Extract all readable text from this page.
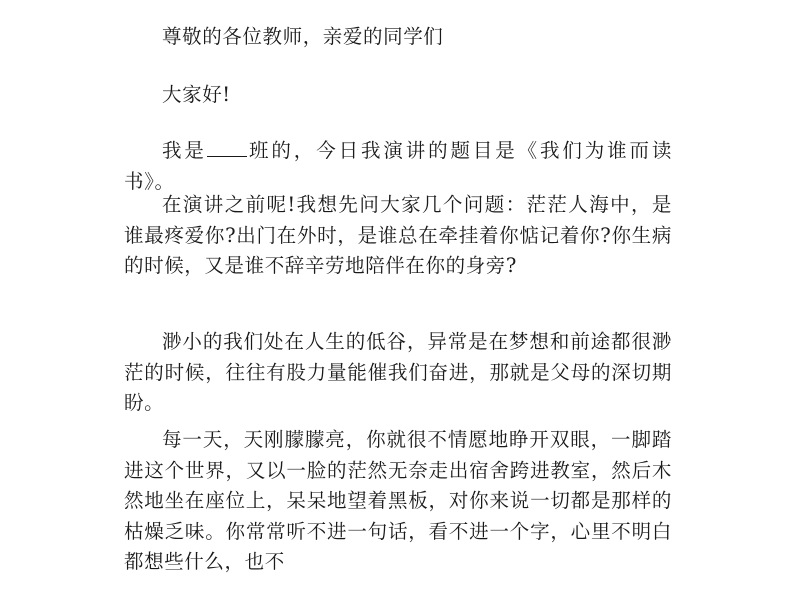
尊敬的各位教师，亲爱的同学们

大家好!

我是 班的，今日我演讲的题目是《我们为谁而读书》。

在演讲之前呢!我想先问大家几个问题：茫茫人海中，是谁最疼爱你?出门在外时，是谁总在牵挂着你惦记着你?你生病的时候，又是谁不辞辛劳地陪伴在你的身旁?

渺小的我们处在人生的低谷，异常是在梦想和前途都很渺茫的时候，往往有股力量能催我们奋进，那就是父母的深切期盼。

每一天，天刚朦朦亮，你就很不情愿地睁开双眼，一脚踏进这个世界，又以一脸的茫然无奈走出宿舍跨进教室，然后木然地坐在座位上，呆呆地望着黑板，对你来说一切都是那样的枯燥乏味。你常常听不进一句话，看不进一个字，心里不明白都想些什么，也不
